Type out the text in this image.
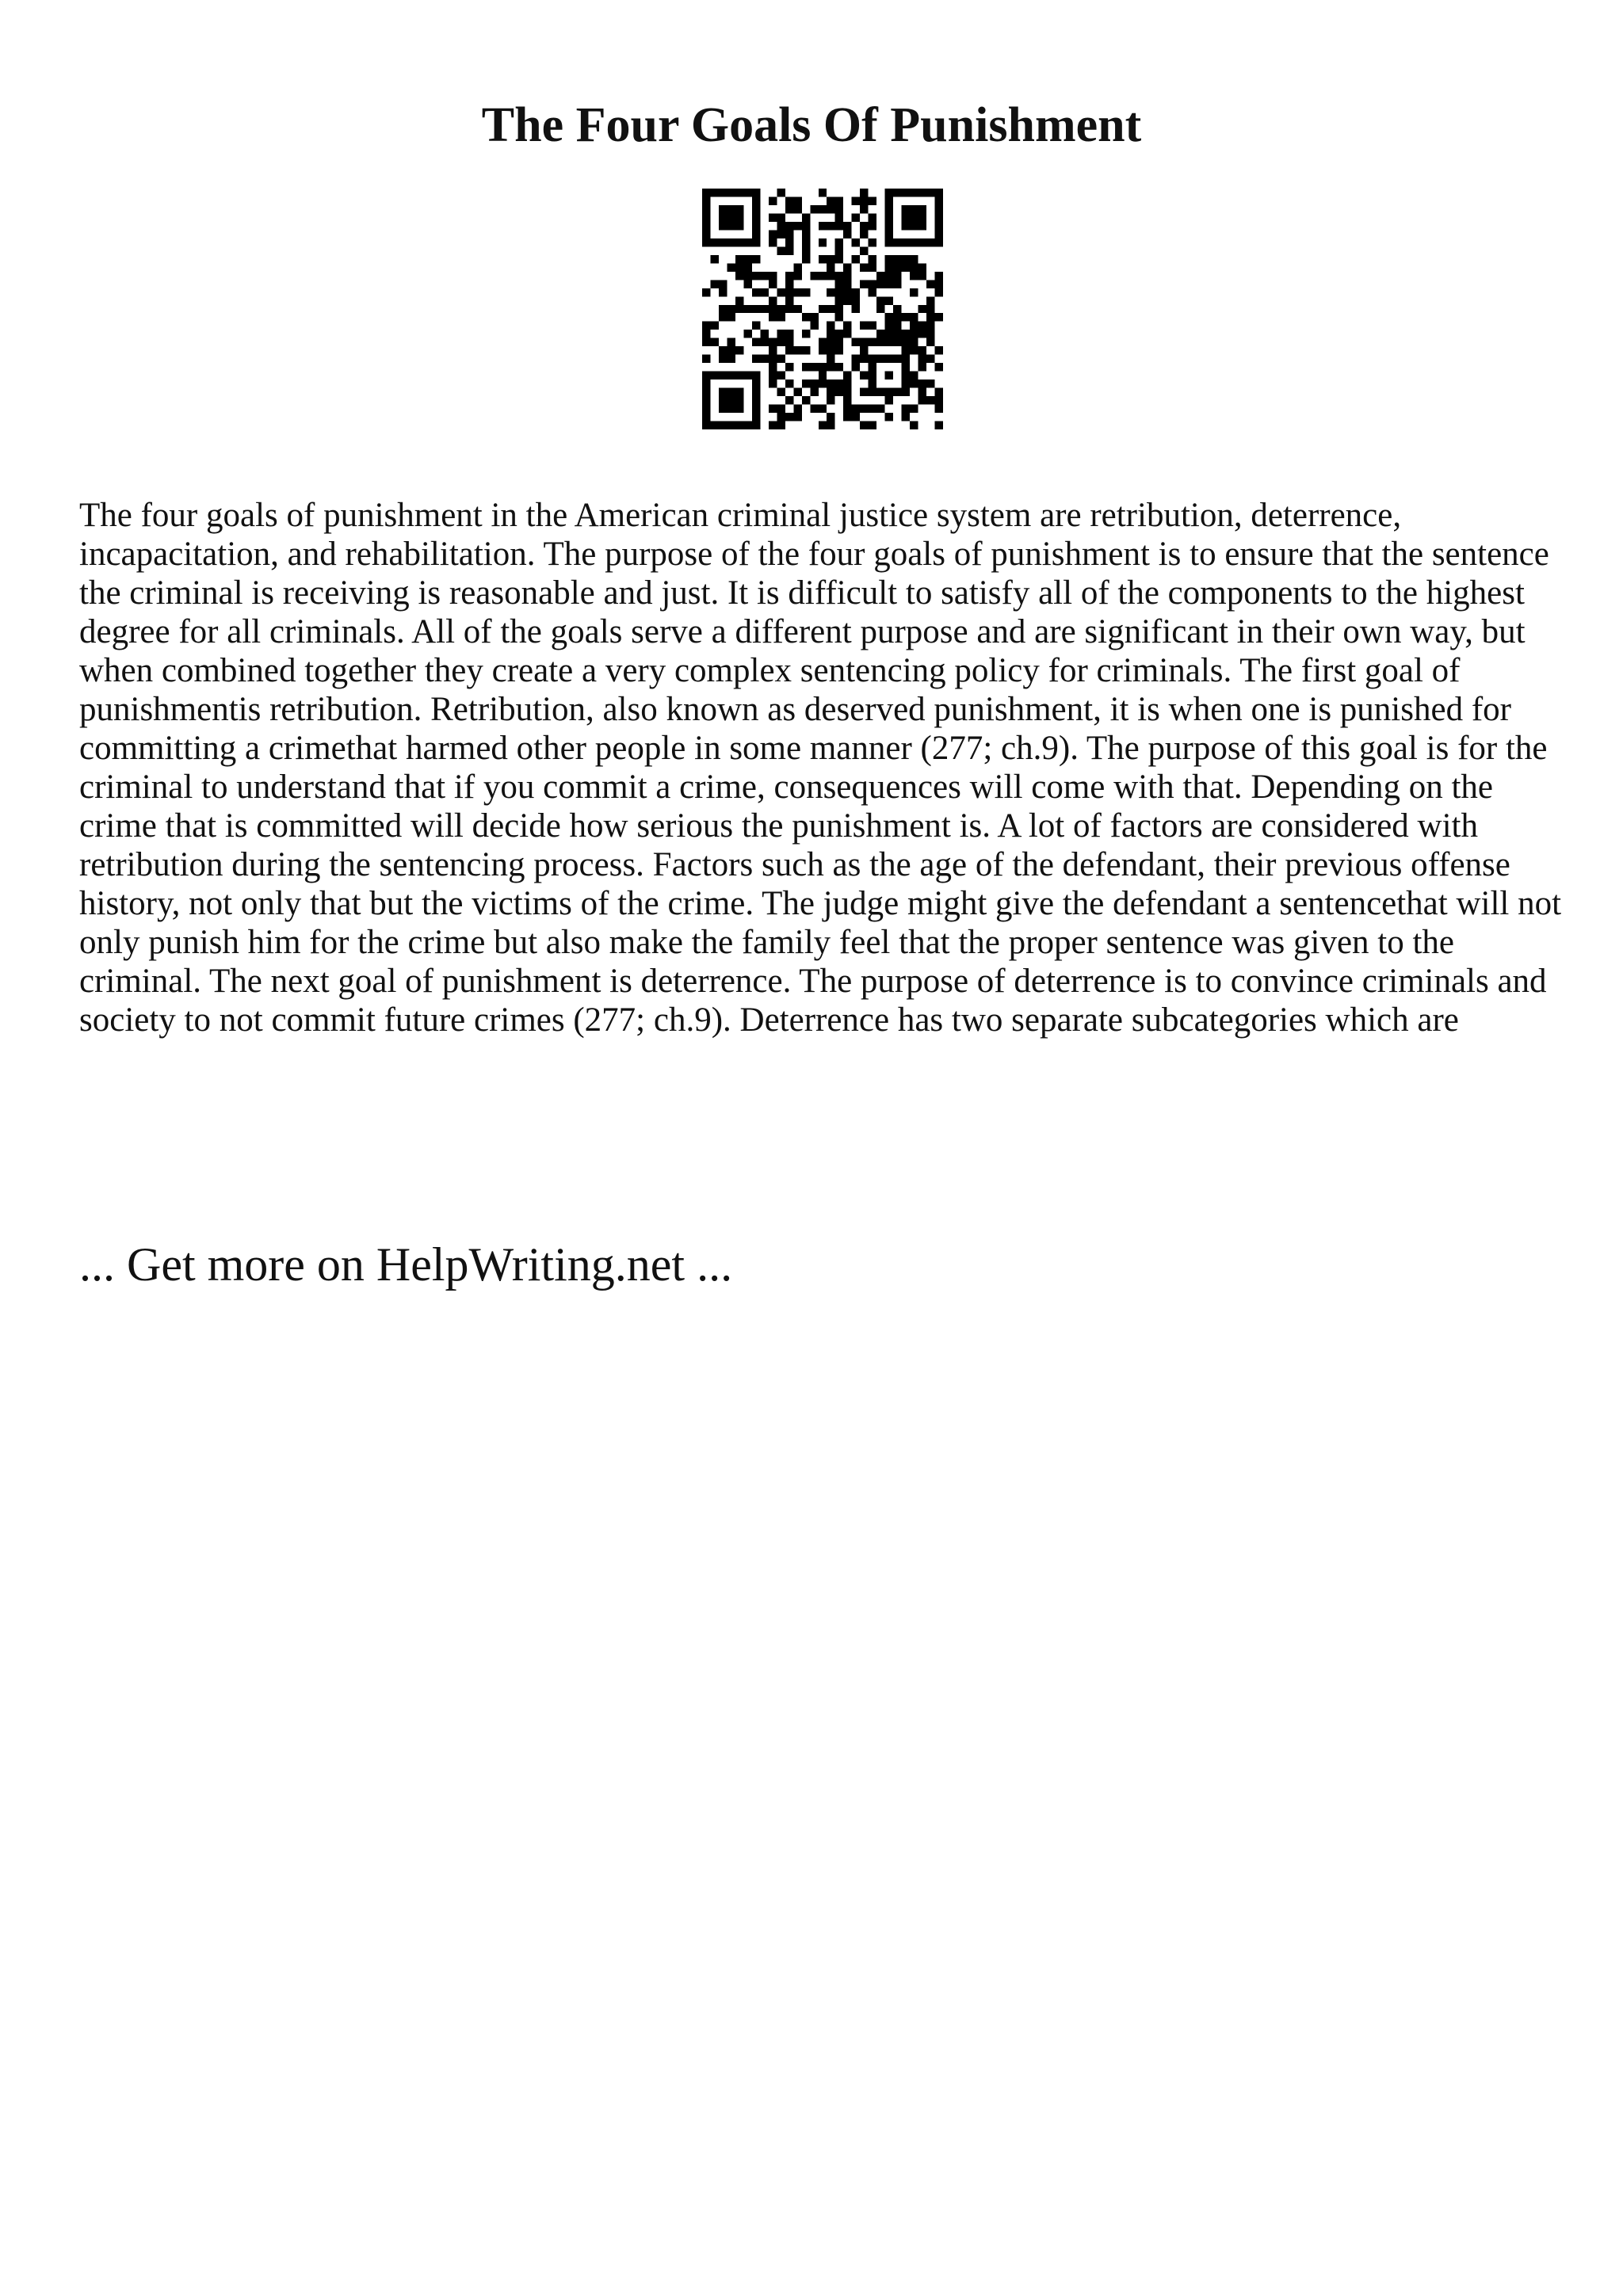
The Four Goals Of Punishment

The four goals of punishment in the American criminal justice system are retribution, deterrence, incapacitation, and rehabilitation. The purpose of the four goals of punishment is to ensure that the sentence the criminal is receiving is reasonable and just. It is difficult to satisfy all of the components to the highest degree for all criminals. All of the goals serve a different purpose and are significant in their own way, but when combined together they create a very complex sentencing policy for criminals. The first goal of punishmentis retribution. Retribution, also known as deserved punishment, it is when one is punished for committing a crimethat harmed other people in some manner (277; ch.9). The purpose of this goal is for the criminal to understand that if you commit a crime, consequences will come with that. Depending on the crime that is committed will decide how serious the punishment is. A lot of factors are considered with retribution during the sentencing process. Factors such as the age of the defendant, their previous offense history, not only that but the victims of the crime. The judge might give the defendant a sentencethat will not only punish him for the crime but also make the family feel that the proper sentence was given to the criminal. The next goal of punishment is deterrence. The purpose of deterrence is to convince criminals and society to not commit future crimes (277; ch.9). Deterrence has two separate subcategories which are

... Get more on HelpWriting.net ...
